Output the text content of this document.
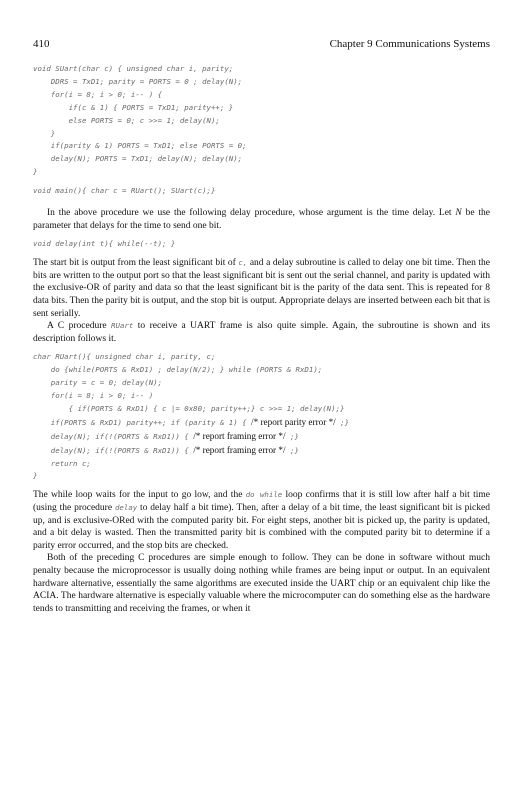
410	Chapter 9 Communications Systems
void SUart(char c) { unsigned char i, parity;
DDRS = TxD1; parity = PORTS = 0 ; delay(N);
for(i = 8; i > 0; i-- ) {
if(c & 1) { PORTS = TxD1; parity++; }
else PORTS = 0; c >>= 1; delay(N);
}
if(parity & 1) PORTS = TxD1; else PORTS = 0;
delay(N); PORTS = TxD1; delay(N); delay(N);
}
void main(){ char c = RUart(); SUart(c);}

In the above procedure we use the following delay procedure, whose argument is the time delay. Let N be the parameter that delays for the time to send one bit.

void delay(int t){ while(--t); }

The start bit is output from the least significant bit of c, and a delay subroutine is called to delay one bit time. Then the bits are written to the output port so that the least significant bit is sent out the serial channel, and parity is updated with the exclusive-OR of parity and data so that the least significant bit is the parity of the data sent. This is repeated for 8 data bits. Then the parity bit is output, and the stop bit is output. Appropriate delays are inserted between each bit that is sent serially.

A C procedure RUart to receive a UART frame is also quite simple. Again, the subroutine is shown and its description follows it.

char RUart(){ unsigned char i, parity, c;
do {while(PORTS & RxD1) ; delay(N/2); } while (PORTS & RxD1);
parity = c = 0; delay(N);
for(i = 8; i > 0; i-- )
{ if(PORTS & RxD1) { c |= 0x80; parity++;} c >>= 1; delay(N);}
if(PORTS & RxD1) parity++; if (parity & 1) { /* report parity error */ ;}
delay(N); if(!(PORTS & RxD1)) { /* report framing error */ ;}
delay(N); if(!(PORTS & RxD1)) { /* report framing error */ ;}
return c;
}

The while loop waits for the input to go low, and the do while loop confirms that it is still low after half a bit time (using the procedure delay to delay half a bit time). Then, after a delay of a bit time, the least significant bit is picked up, and is exclusive-ORed with the computed parity bit. For eight steps, another bit is picked up, the parity is updated, and a bit delay is wasted. Then the transmitted parity bit is combined with the computed parity bit to determine if a parity error occurred, and the stop bits are checked.

Both of the preceding C procedures are simple enough to follow. They can be done in software without much penalty because the microprocessor is usually doing nothing while frames are being input or output. In an equivalent hardware alternative, essentially the same algorithms are executed inside the UART chip or an equivalent chip like the ACIA. The hardware alternative is especially valuable where the microcomputer can do something else as the hardware tends to transmitting and receiving the frames, or when it
